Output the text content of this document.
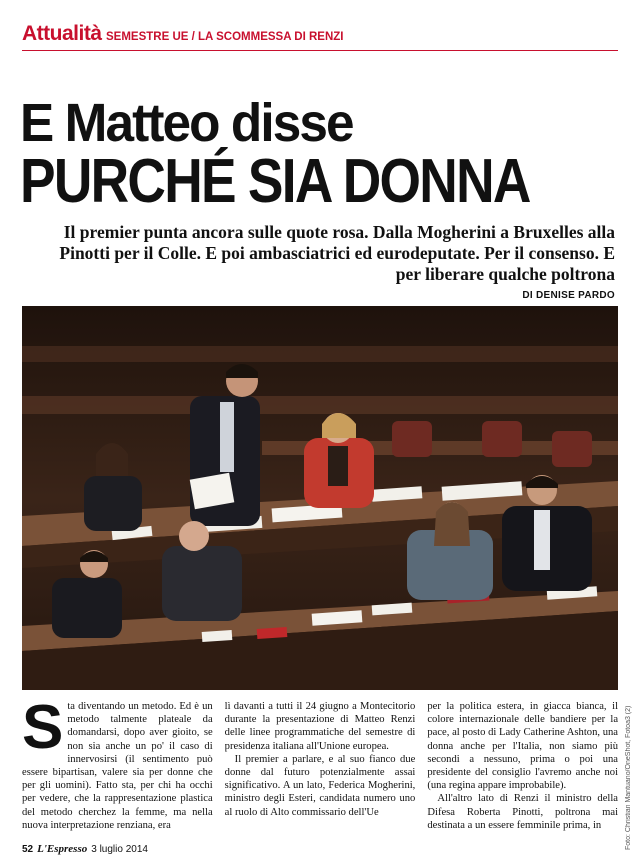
Attualità SEMESTRE UE / LA SCOMMESSA DI RENZI
E Matteo disse
PURCHÉ SIA DONNA
Il premier punta ancora sulle quote rosa. Dalla Mogherini a Bruxelles alla Pinotti per il Colle. E poi ambasciatrici ed eurodeputate. Per il consenso. E per liberare qualche poltrona
DI DENISE PARDO
Foto: Christian Mantuano/OneShot, Fotoa3 (2)

S ta diventando un metodo. Ed è un metodo talmente plateale da domandarsi, dopo aver gioito, se non sia anche un po' il caso di innervosirsi (il sentimento può essere bipartisan, valere sia per donne che per gli uomini). Fatto sta, per chi ha occhi per vedere, che la rappresentazione plastica del metodo cherchez la femme, ma nella nuova interpretazione renziana, era

lì davanti a tutti il 24 giugno a Montecitorio durante la presentazione di Matteo Renzi delle linee programmatiche del semestre di presidenza italiana all'Unione europea.

Il premier a parlare, e al suo fianco due donne dal futuro potenzialmente assai significativo. A un lato, Federica Mogherini, ministro degli Esteri, candidata numero uno al ruolo di Alto commissario dell'Ue

per la politica estera, in giacca bianca, il colore internazionale delle bandiere per la pace, al posto di Lady Catherine Ashton, una donna anche per l'Italia, non siamo più secondi a nessuno, prima o poi una presidente del consiglio l'avremo anche noi (una regina appare improbabile).

All'altro lato di Renzi il ministro della Difesa Roberta Pinotti, poltrona mai destinata a un essere femminile prima, in

52 L'Espresso 3 luglio 2014
